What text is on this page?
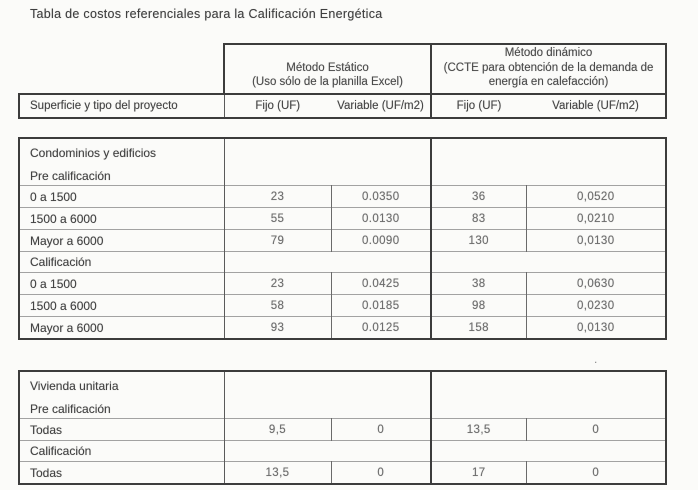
Tabla de costos referenciales para la Calificación Energética

Método Estático
(Uso sólo de la planilla Excel)

Método dinámico
(CCTE para obtención de la demanda de energía en calefacción)

Superficie y tipo del proyecto	Fijo (UF)	Variable (UF/m2)	Fijo (UF)	Variable (UF/m2)
Condominios y edificios
Pre calificación				

0 a 1500	23	0.0350	36	0,0520
1500 a 6000	55	0.0130	83	0,0210
Mayor a 6000	79	0.0090	130	0,0130
Calificación				
0 a 1500	23	0.0425	38	0,0630
1500 a 6000	58	0.0185	98	0,0230
Mayor a 6000	93	0.0125	158	0,0130
Vivienda unitaria
Pre calificación				

Todas	9,5	0	13,5	0
Calificación				
Todas	13,5	0	17	0
.
